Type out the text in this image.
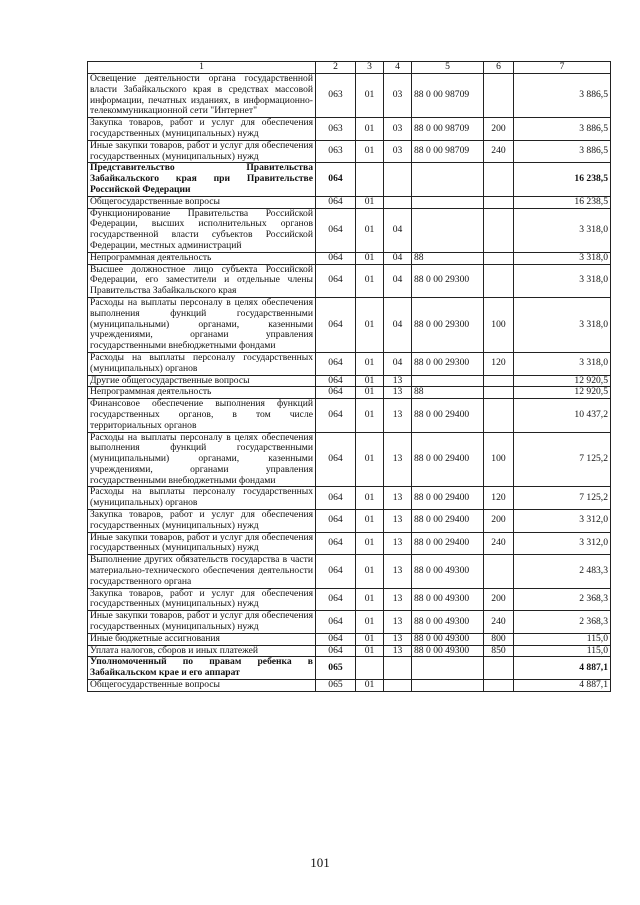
1	2	3	4	5	6	7
Освещение деятельности органа государственной власти Забайкальского края в средствах массовой информации, печатных изданиях, в информационно-телекоммуникационной сети "Интернет"	063	01	03	88 0 00 98709		3 886,5
Закупка товаров, работ и услуг для обеспечения государственных (муниципальных) нужд	063	01	03	88 0 00 98709	200	3 886,5
Иные закупки товаров, работ и услуг для обеспечения государственных (муниципальных) нужд	063	01	03	88 0 00 98709	240	3 886,5
Представительство Правительства Забайкальского края при Правительстве Российской Федерации	064					16 238,5
Общегосударственные вопросы	064	01				16 238,5
Функционирование Правительства Российской Федерации, высших исполнительных органов государственной власти субъектов Российской Федерации, местных администраций	064	01	04			3 318,0
Непрограммная деятельность	064	01	04	88		3 318,0
Высшее должностное лицо субъекта Российской Федерации, его заместители и отдельные члены Правительства Забайкальского края	064	01	04	88 0 00 29300		3 318,0
Расходы на выплаты персоналу в целях обеспечения выполнения функций государственными (муниципальными) органами, казенными учреждениями, органами управления государственными внебюджетными фондами	064	01	04	88 0 00 29300	100	3 318,0
Расходы на выплаты персоналу государственных (муниципальных) органов	064	01	04	88 0 00 29300	120	3 318,0
Другие общегосударственные вопросы	064	01	13			12 920,5
Непрограммная деятельность	064	01	13	88		12 920,5
Финансовое обеспечение выполнения функций государственных органов, в том числе территориальных органов	064	01	13	88 0 00 29400		10 437,2
Расходы на выплаты персоналу в целях обеспечения выполнения функций государственными (муниципальными) органами, казенными учреждениями, органами управления государственными внебюджетными фондами	064	01	13	88 0 00 29400	100	7 125,2
Расходы на выплаты персоналу государственных (муниципальных) органов	064	01	13	88 0 00 29400	120	7 125,2
Закупка товаров, работ и услуг для обеспечения государственных (муниципальных) нужд	064	01	13	88 0 00 29400	200	3 312,0
Иные закупки товаров, работ и услуг для обеспечения государственных (муниципальных) нужд	064	01	13	88 0 00 29400	240	3 312,0
Выполнение других обязательств государства в части материально-технического обеспечения деятельности государственного органа	064	01	13	88 0 00 49300		2 483,3
Закупка товаров, работ и услуг для обеспечения государственных (муниципальных) нужд	064	01	13	88 0 00 49300	200	2 368,3
Иные закупки товаров, работ и услуг для обеспечения государственных (муниципальных) нужд	064	01	13	88 0 00 49300	240	2 368,3
Иные бюджетные ассигнования	064	01	13	88 0 00 49300	800	115,0
Уплата налогов, сборов и иных платежей	064	01	13	88 0 00 49300	850	115,0
Уполномоченный по правам ребенка в Забайкальском крае и его аппарат	065					4 887,1
Общегосударственные вопросы	065	01				4 887,1
101
